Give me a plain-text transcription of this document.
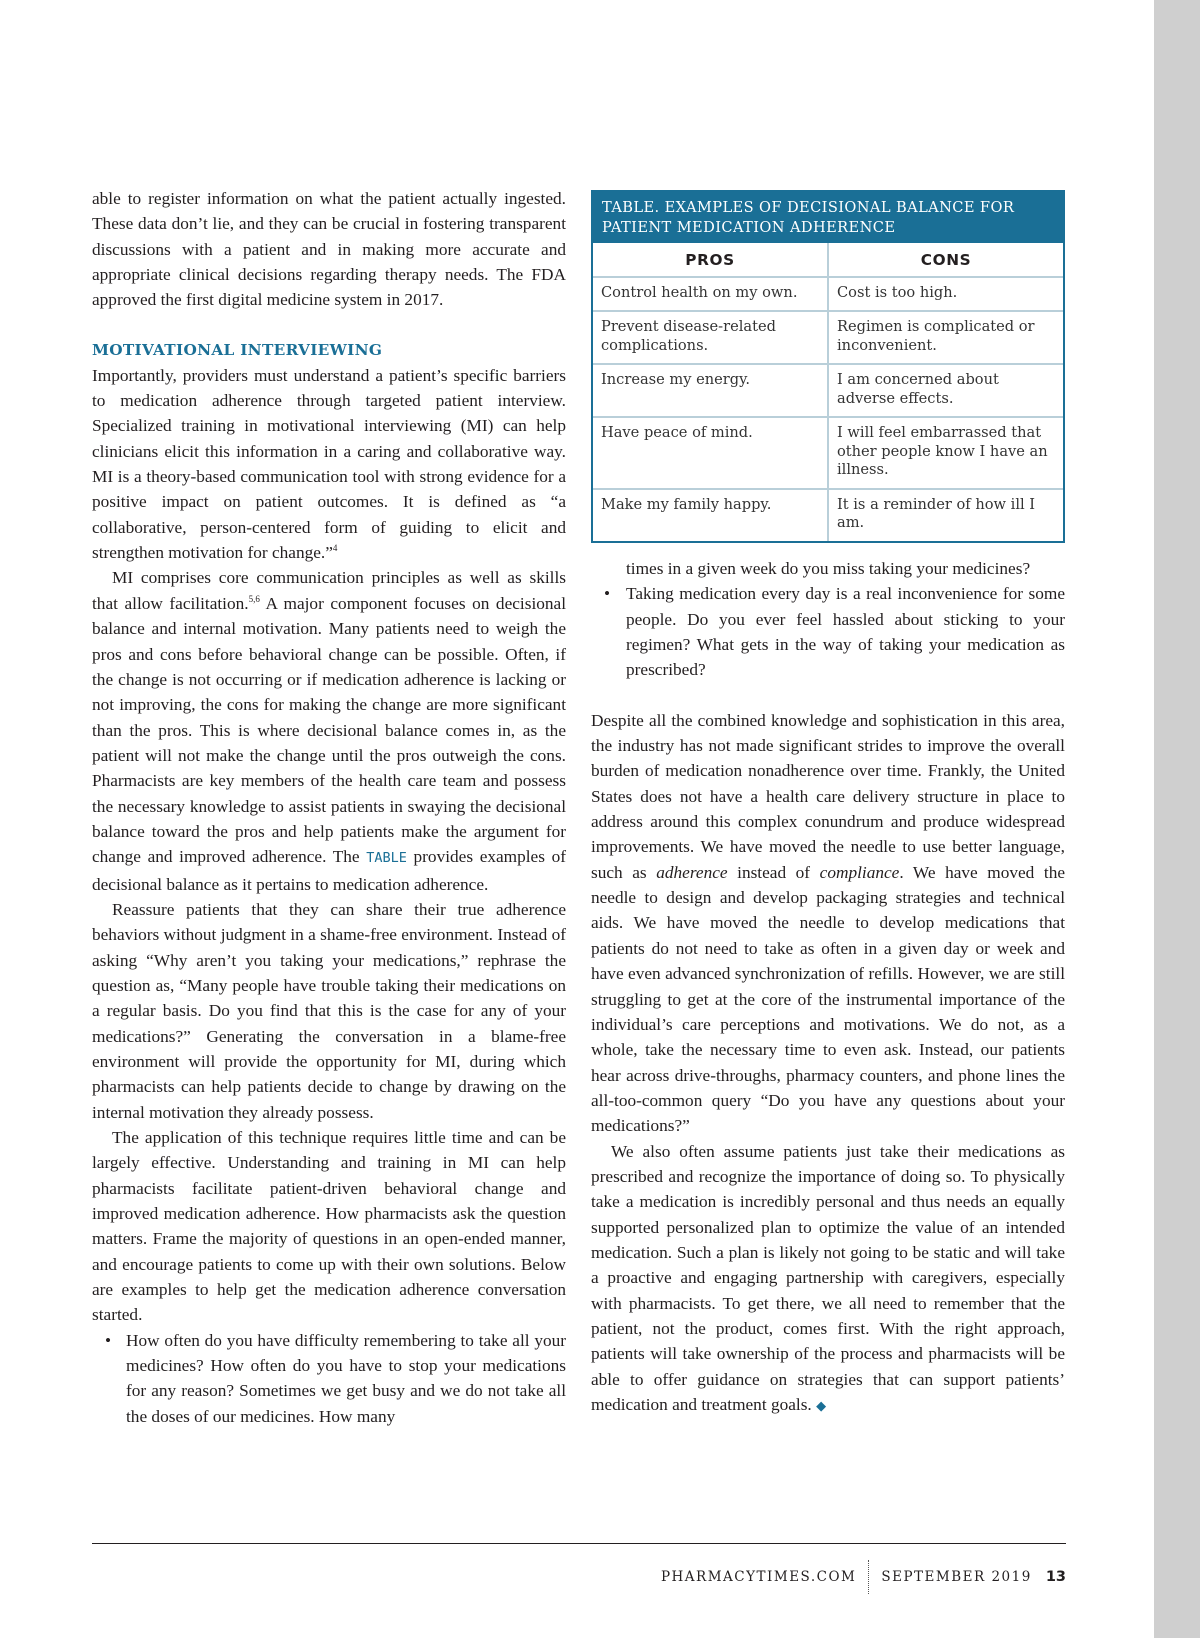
able to register information on what the patient actually ingested. These data don’t lie, and they can be crucial in fostering transparent discussions with a patient and in making more accurate and appropriate clinical decisions regarding therapy needs. The FDA approved the first digital medicine system in 2017.

MOTIVATIONAL INTERVIEWING

Importantly, providers must understand a patient’s specific barriers to medication adherence through targeted patient interview. Specialized training in motivational interviewing (MI) can help clinicians elicit this information in a caring and collaborative way. MI is a theory-based communication tool with strong evidence for a positive impact on patient outcomes. It is defined as “a collaborative, person-centered form of guiding to elicit and strengthen motivation for change.”$^4$

MI comprises core communication principles as well as skills that allow facilitation.$^{5,6}$ A major component focuses on decisional balance and internal motivation. Many patients need to weigh the pros and cons before behavioral change can be possible. Often, if the change is not occurring or if medication adherence is lacking or not improving, the cons for making the change are more significant than the pros. This is where decisional balance comes in, as the patient will not make the change until the pros outweigh the cons. Pharmacists are key members of the health care team and possess the necessary knowledge to assist patients in swaying the decisional balance toward the pros and help patients make the argument for change and improved adherence. The TABLE provides examples of decisional balance as it pertains to medication adherence.

Reassure patients that they can share their true adherence behaviors without judgment in a shame-free environment. Instead of asking “Why aren’t you taking your medications,” rephrase the question as, “Many people have trouble taking their medications on a regular basis. Do you find that this is the case for any of your medications?” Generating the conversation in a blame-free environment will provide the opportunity for MI, during which pharmacists can help patients decide to change by drawing on the internal motivation they already possess.

The application of this technique requires little time and can be largely effective. Understanding and training in MI can help pharmacists facilitate patient-driven behavioral change and improved medication adherence. How pharmacists ask the question matters. Frame the majority of questions in an open-ended manner, and encourage patients to come up with their own solutions. Below are examples to help get the medication adherence conversation started.

• How often do you have difficulty remembering to take all your medicines? How often do you have to stop your medications for any reason? Sometimes we get busy and we do not take all the doses of our medicines. How many
TABLE. EXAMPLES OF DECISIONAL BALANCE FOR PATIENT MEDICATION ADHERENCE
PROS	CONS
Control health on my own.	Cost is too high.
Prevent disease-related complications.	Regimen is complicated or inconvenient.
Increase my energy.	I am concerned about adverse effects.
Have peace of mind.	I will feel embarrassed that other people know I have an illness.
Make my family happy.	It is a reminder of how ill I am.
times in a given week do you miss taking your medicines?
• Taking medication every day is a real inconvenience for some people. Do you ever feel hassled about sticking to your regimen? What gets in the way of taking your medication as prescribed?

Despite all the combined knowledge and sophistication in this area, the industry has not made significant strides to improve the overall burden of medication nonadherence over time. Frankly, the United States does not have a health care delivery structure in place to address around this complex conundrum and produce widespread improvements. We have moved the needle to use better language, such as adherence instead of compliance. We have moved the needle to design and develop packaging strategies and technical aids. We have moved the needle to develop medications that patients do not need to take as often in a given day or week and have even advanced synchronization of refills. However, we are still struggling to get at the core of the instrumental importance of the individual’s care perceptions and motivations. We do not, as a whole, take the necessary time to even ask. Instead, our patients hear across drive-throughs, pharmacy counters, and phone lines the all-too-common query “Do you have any questions about your medications?”

We also often assume patients just take their medications as prescribed and recognize the importance of doing so. To physically take a medication is incredibly personal and thus needs an equally supported personalized plan to optimize the value of an intended medication. Such a plan is likely not going to be static and will take a proactive and engaging partnership with caregivers, especially with pharmacists. To get there, we all need to remember that the patient, not the product, comes first. With the right approach, patients will take ownership of the process and pharmacists will be able to offer guidance on strategies that can support patients’ medication and treatment goals. ◆

PHARMACYTIMES.COM SEPTEMBER 2019 13
